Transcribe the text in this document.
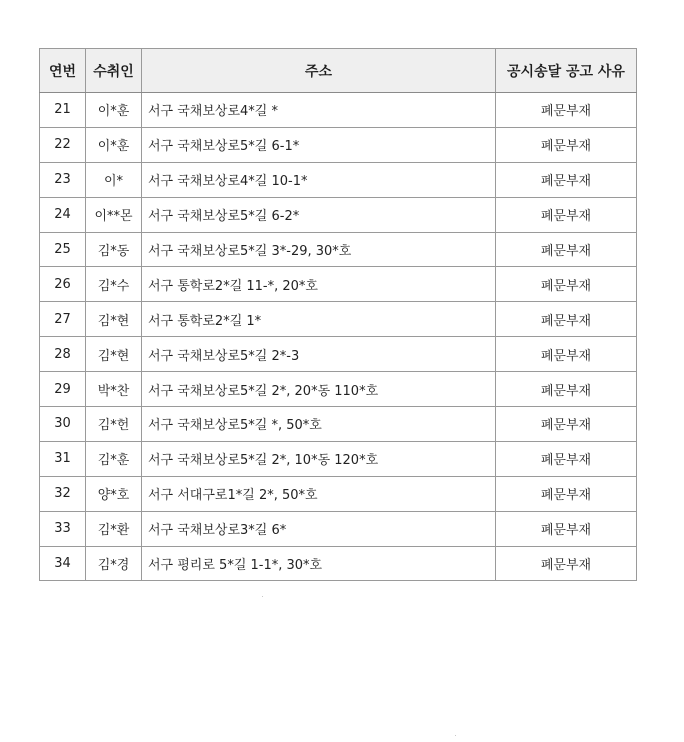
연번	수취인	주소	공시송달 공고 사유
21	이*훈	서구 국채보상로4*길 *	폐문부재
22	이*훈	서구 국채보상로5*길 6-1*	폐문부재
23	이*	서구 국채보상로4*길 10-1*	폐문부재
24	이**몬	서구 국채보상로5*길 6-2*	폐문부재
25	김*동	서구 국채보상로5*길 3*-29, 30*호	폐문부재
26	김*수	서구 통학로2*길 11-*, 20*호	폐문부재
27	김*현	서구 통학로2*길 1*	폐문부재
28	김*현	서구 국채보상로5*길 2*-3	폐문부재
29	박*찬	서구 국채보상로5*길 2*, 20*동 110*호	폐문부재
30	김*헌	서구 국채보상로5*길 *, 50*호	폐문부재
31	김*훈	서구 국채보상로5*길 2*, 10*동 120*호	폐문부재
32	양*호	서구 서대구로1*길 2*, 50*호	폐문부재
33	김*환	서구 국채보상로3*길 6*	폐문부재
34	김*경	서구 평리로 5*길 1-1*, 30*호	폐문부재
